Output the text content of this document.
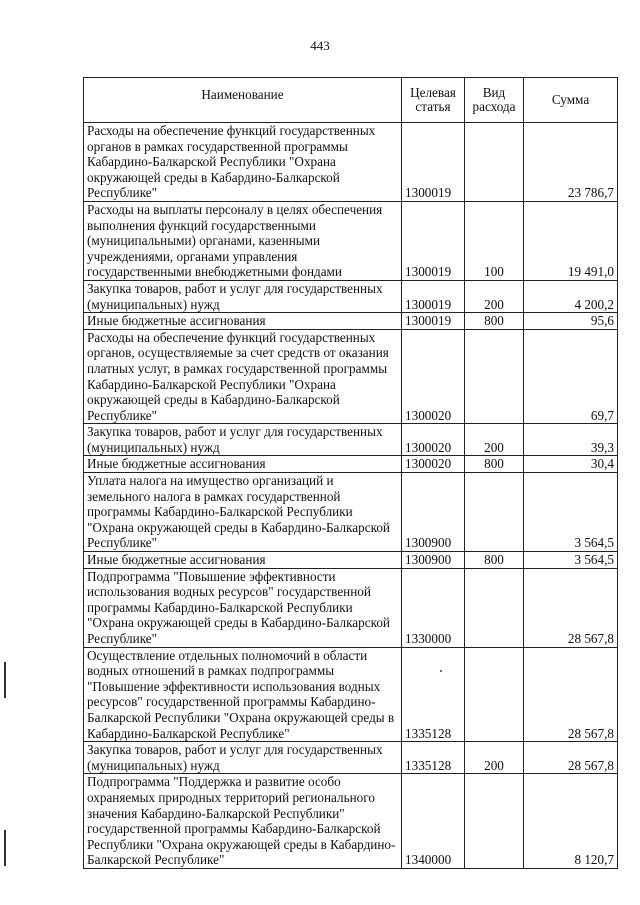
443
Наименование	Целевая статья	Вид расхода	Сумма
Расходы на обеспечение функций государственных органов в рамках государственной программы Кабардино-Балкарской Республики "Охрана окружающей среды в Кабардино-Балкарской Республике"	1300019		23 786,7
Расходы на выплаты персоналу в целях обеспечения выполнения функций государственными (муниципальными) органами, казенными учреждениями, органами управления государственными внебюджетными фондами	1300019	100	19 491,0
Закупка товаров, работ и услуг для государственных (муниципальных) нужд	1300019	200	4 200,2
Иные бюджетные ассигнования	1300019	800	95,6
Расходы на обеспечение функций государственных органов, осуществляемые за счет средств от оказания платных услуг, в рамках государственной программы Кабардино-Балкарской Республики "Охрана окружающей среды в Кабардино-Балкарской Республике"	1300020		69,7
Закупка товаров, работ и услуг для государственных (муниципальных) нужд	1300020	200	39,3
Иные бюджетные ассигнования	1300020	800	30,4
Уплата налога на имущество организаций и земельного налога в рамках государственной программы Кабардино-Балкарской Республики "Охрана окружающей среды в Кабардино-Балкарской Республике"	1300900		3 564,5
Иные бюджетные ассигнования	1300900	800	3 564,5
Подпрограмма "Повышение эффективности использования водных ресурсов" государственной программы Кабардино-Балкарской Республики "Охрана окружающей среды в Кабардино-Балкарской Республике"	1330000		28 567,8
Осуществление отдельных полномочий в области водных отношений в рамках подпрограммы "Повышение эффективности использования водных ресурсов" государственной программы Кабардино-Балкарской Республики "Охрана окружающей среды в Кабардино-Балкарской Республике"	1335128		28 567,8
Закупка товаров, работ и услуг для государственных (муниципальных) нужд	1335128	200	28 567,8
Подпрограмма "Поддержка и развитие особо охраняемых природных территорий регионального значения Кабардино-Балкарской Республики" государственной программы Кабардино-Балкарской Республики "Охрана окружающей среды в Кабардино-Балкарской Республике"	1340000		8 120,7
